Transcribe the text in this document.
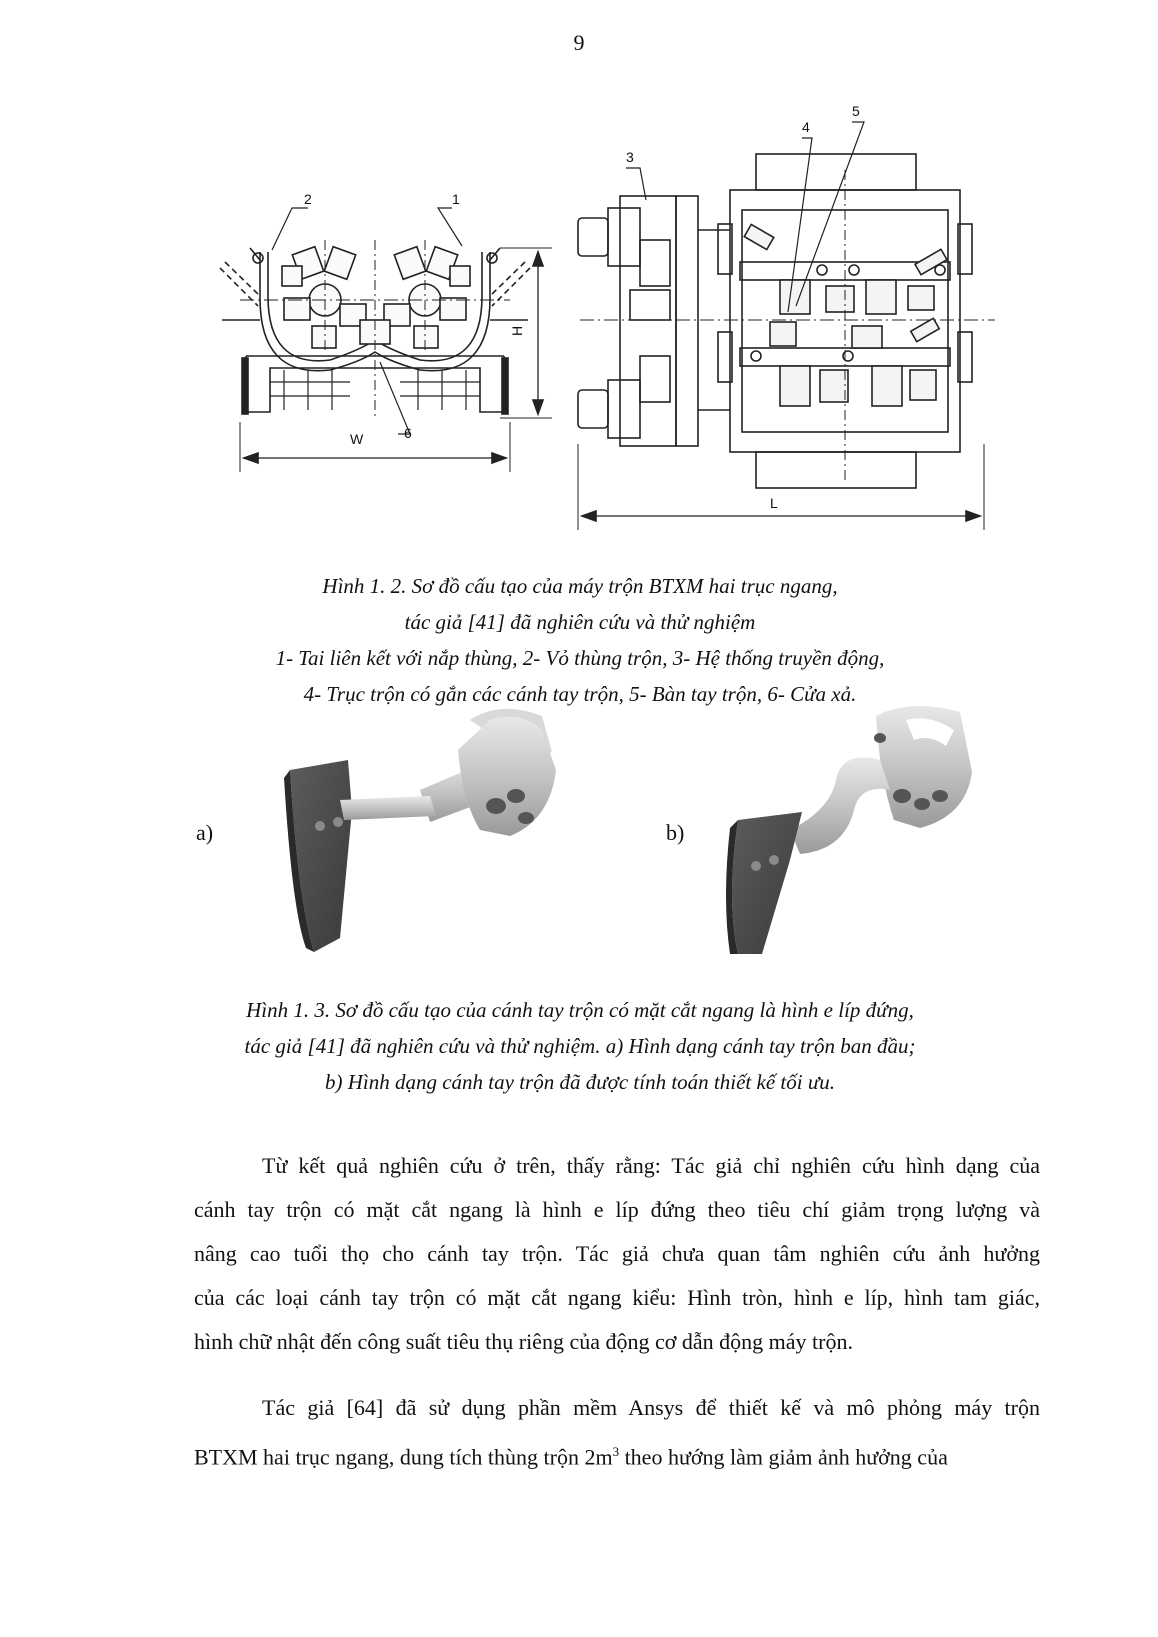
9
1
2
3
4
5
6
W
H
L
Hình 1. 2. Sơ đồ cấu tạo của máy trộn BTXM hai trục ngang,
tác giả [41] đã nghiên cứu và thử nghiệm
1- Tai liên kết với nắp thùng, 2- Vỏ thùng trộn, 3- Hệ thống truyền động,
4- Trục trộn có gắn các cánh tay trộn, 5- Bàn tay trộn, 6- Cửa xả.
a)	b)
Hình 1. 3. Sơ đồ cấu tạo của cánh tay trộn có mặt cắt ngang là hình e líp đứng,
tác giả [41] đã nghiên cứu và thử nghiệm. a) Hình dạng cánh tay trộn ban đầu;
b) Hình dạng cánh tay trộn đã được tính toán thiết kế tối ưu.
Từ kết quả nghiên cứu ở trên, thấy rằng: Tác giả chỉ nghiên cứu hình dạng của
cánh tay trộn có mặt cắt ngang là hình e líp đứng theo tiêu chí giảm trọng lượng và
nâng cao tuổi thọ cho cánh tay trộn. Tác giả chưa quan tâm nghiên cứu ảnh hưởng
của các loại cánh tay trộn có mặt cắt ngang kiểu: Hình tròn, hình e líp, hình tam giác,
hình chữ nhật đến công suất tiêu thụ riêng của động cơ dẫn động máy trộn.
Tác giả [64] đã sử dụng phần mềm Ansys để thiết kế và mô phỏng máy trộn
BTXM hai trục ngang, dung tích thùng trộn $2m^3$ theo hướng làm giảm ảnh hưởng của
